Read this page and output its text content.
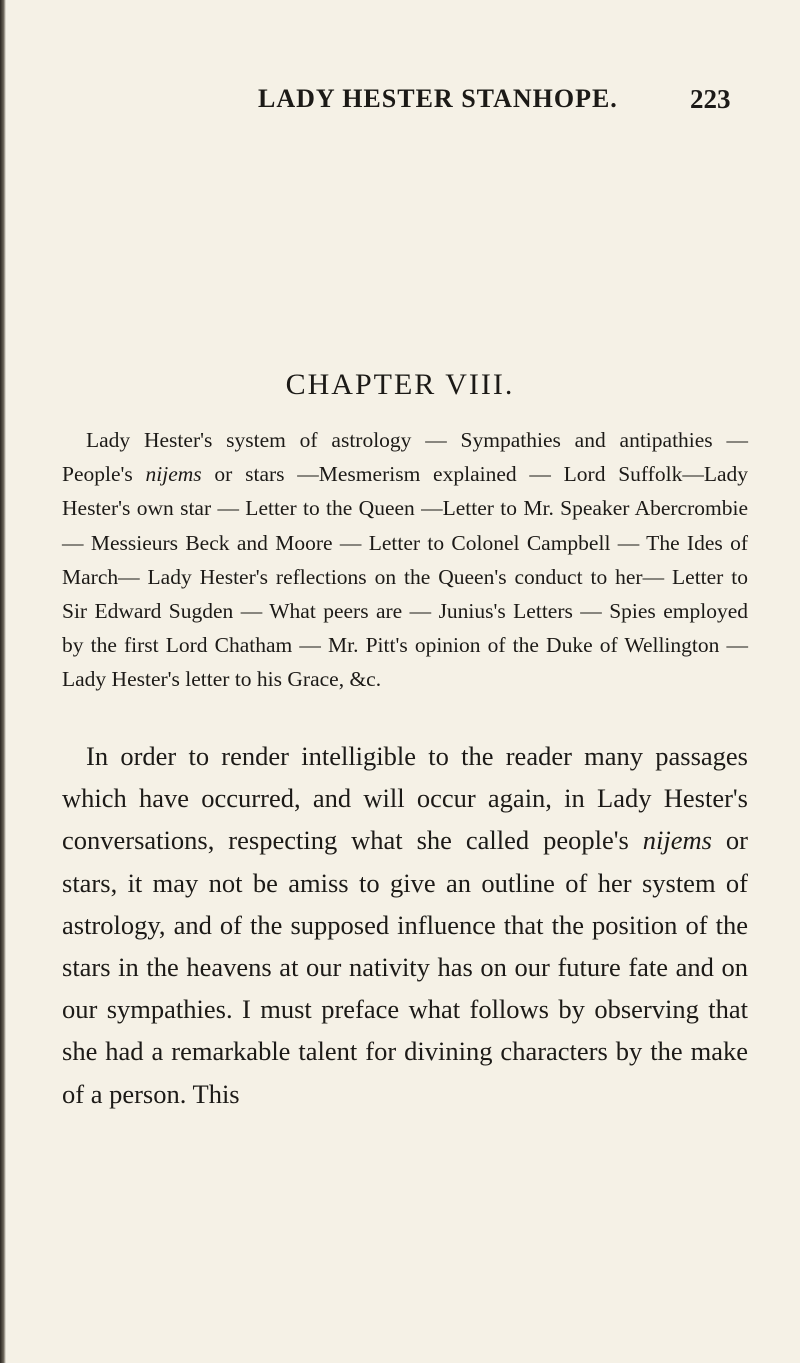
LADY HESTER STANHOPE.	223
CHAPTER VIII.

Lady Hester's system of astrology — Sympathies and antipathies — People's nijems or stars —Mesmerism explained — Lord Suffolk—Lady Hester's own star — Letter to the Queen —Letter to Mr. Speaker Abercrombie — Messieurs Beck and Moore — Letter to Colonel Campbell — The Ides of March— Lady Hester's reflections on the Queen's conduct to her— Letter to Sir Edward Sugden — What peers are — Junius's Letters — Spies employed by the first Lord Chatham — Mr. Pitt's opinion of the Duke of Wellington — Lady Hester's letter to his Grace, &c.

In order to render intelligible to the reader many passages which have occurred, and will occur again, in Lady Hester's conversations, respecting what she called people's nijems or stars, it may not be amiss to give an outline of her system of astrology, and of the supposed influence that the position of the stars in the heavens at our nativity has on our future fate and on our sympathies. I must preface what follows by observing that she had a remarkable talent for divining characters by the make of a person. This
